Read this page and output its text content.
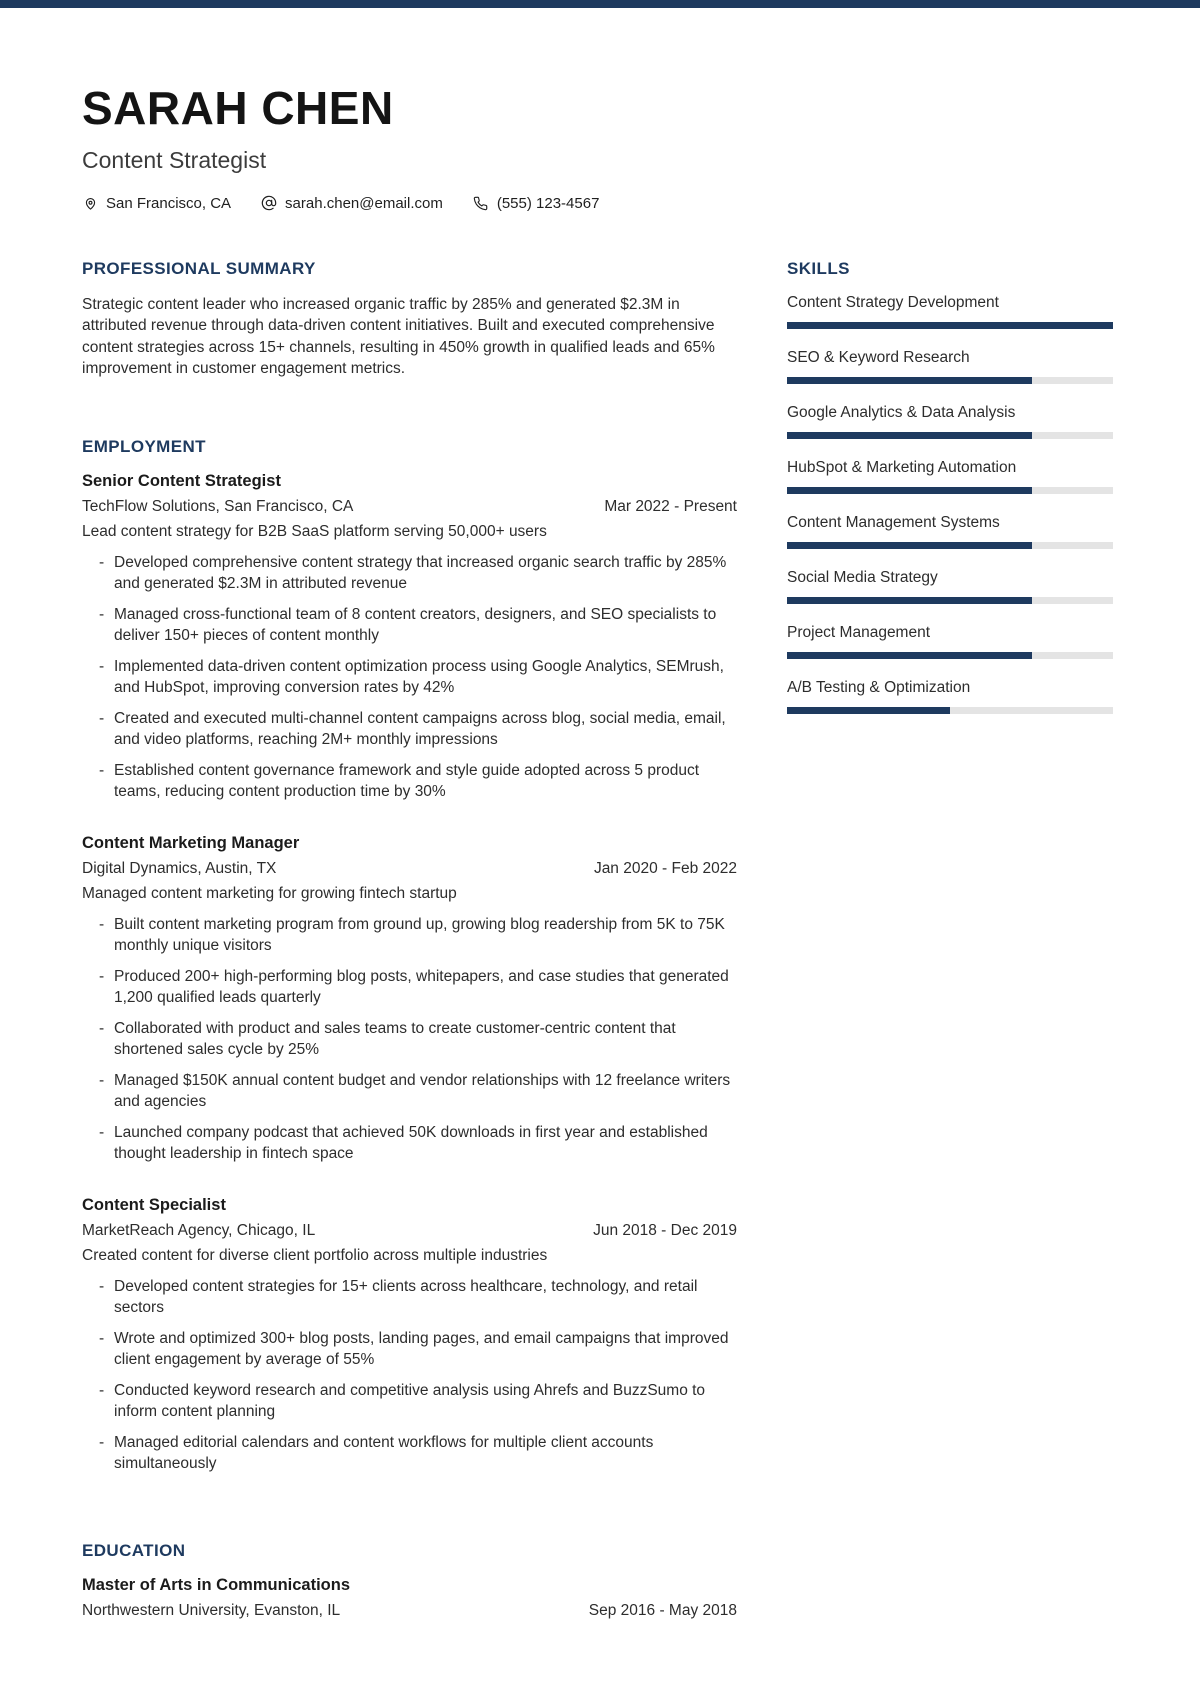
SARAH CHEN
Content Strategist
San Francisco, CA	sarah.chen@email.com	(555) 123-4567
PROFESSIONAL SUMMARY
Strategic content leader who increased organic traffic by 285% and generated $2.3M in attributed revenue through data-driven content initiatives. Built and executed comprehensive content strategies across 15+ channels, resulting in 450% growth in qualified leads and 65% improvement in customer engagement metrics.
EMPLOYMENT
Senior Content Strategist
TechFlow Solutions, San Francisco, CA	Mar 2022 - Present
Lead content strategy for B2B SaaS platform serving 50,000+ users
- Developed comprehensive content strategy that increased organic search traffic by 285% and generated $2.3M in attributed revenue
- Managed cross-functional team of 8 content creators, designers, and SEO specialists to deliver 150+ pieces of content monthly
- Implemented data-driven content optimization process using Google Analytics, SEMrush, and HubSpot, improving conversion rates by 42%
- Created and executed multi-channel content campaigns across blog, social media, email, and video platforms, reaching 2M+ monthly impressions
- Established content governance framework and style guide adopted across 5 product teams, reducing content production time by 30%
Content Marketing Manager
Digital Dynamics, Austin, TX	Jan 2020 - Feb 2022
Managed content marketing for growing fintech startup
- Built content marketing program from ground up, growing blog readership from 5K to 75K monthly unique visitors
- Produced 200+ high-performing blog posts, whitepapers, and case studies that generated 1,200 qualified leads quarterly
- Collaborated with product and sales teams to create customer-centric content that shortened sales cycle by 25%
- Managed $150K annual content budget and vendor relationships with 12 freelance writers and agencies
- Launched company podcast that achieved 50K downloads in first year and established thought leadership in fintech space
Content Specialist
MarketReach Agency, Chicago, IL	Jun 2018 - Dec 2019
Created content for diverse client portfolio across multiple industries
- Developed content strategies for 15+ clients across healthcare, technology, and retail sectors
- Wrote and optimized 300+ blog posts, landing pages, and email campaigns that improved client engagement by average of 55%
- Conducted keyword research and competitive analysis using Ahrefs and BuzzSumo to inform content planning
- Managed editorial calendars and content workflows for multiple client accounts simultaneously
EDUCATION
Master of Arts in Communications
Northwestern University, Evanston, IL	Sep 2016 - May 2018
SKILLS
Content Strategy Development
SEO & Keyword Research
Google Analytics & Data Analysis
HubSpot & Marketing Automation
Content Management Systems
Social Media Strategy
Project Management
A/B Testing & Optimization
